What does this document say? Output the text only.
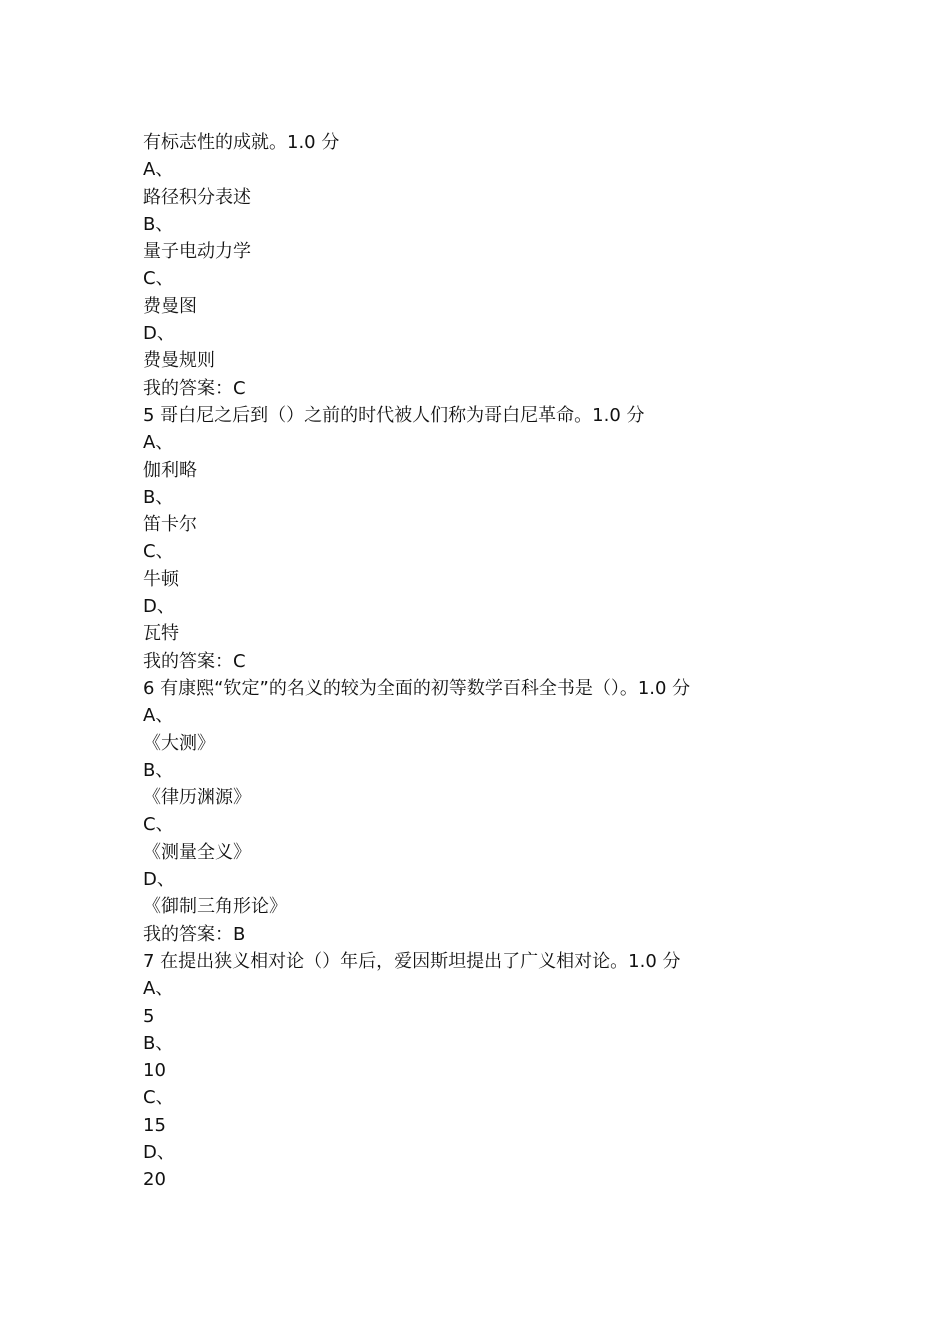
有标志性的成就。1.0 分
A、
路径积分表述
B、
量子电动力学
C、
费曼图
D、
费曼规则
我的答案：C
5 哥白尼之后到（）之前的时代被人们称为哥白尼革命。1.0 分
A、
伽利略
B、
笛卡尔
C、
牛顿
D、
瓦特
我的答案：C
6 有康熙“钦定”的名义的较为全面的初等数学百科全书是（）。1.0 分
A、
《大测》
B、
《律历渊源》
C、
《测量全义》
D、
《御制三角形论》
我的答案：B
7 在提出狭义相对论（）年后，爱因斯坦提出了广义相对论。1.0 分
A、
5
B、
10
C、
15
D、
20
